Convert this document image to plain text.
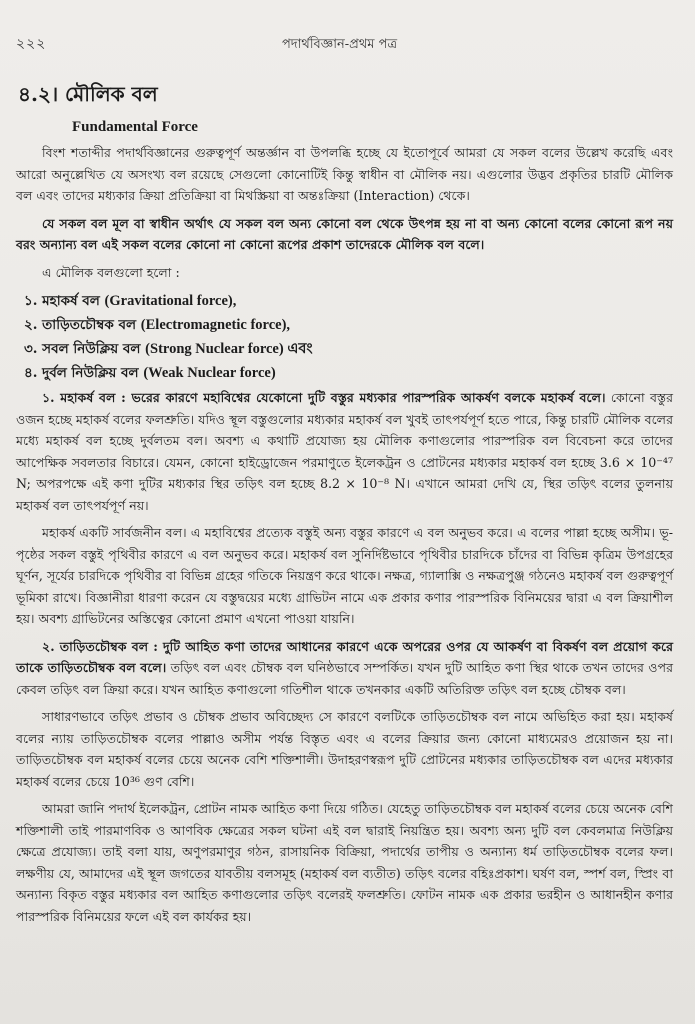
২২২	পদার্থবিজ্ঞান-প্রথম পত্র
৪.২। মৌলিক বল
Fundamental Force

বিংশ শতাব্দীর পদার্থবিজ্ঞানের গুরুত্বপূর্ণ অন্তর্জ্ঞান বা উপলব্ধি হচ্ছে যে ইতোপূর্বে আমরা যে সকল বলের উল্লেখ করেছি এবং আরো অনুল্লেখিত যে অসংখ্য বল রয়েছে সেগুলো কোনোটিই কিন্তু স্বাধীন বা মৌলিক নয়। এগুলোর উদ্ভব প্রকৃতির চারটি মৌলিক বল এবং তাদের মধ্যকার ক্রিয়া প্রতিক্রিয়া বা মিথস্ক্রিয়া বা অন্তঃক্রিয়া (Interaction) থেকে।

যে সকল বল মূল বা স্বাধীন অর্থাৎ যে সকল বল অন্য কোনো বল থেকে উৎপন্ন হয় না বা অন্য কোনো বলের কোনো রূপ নয় বরং অন্যান্য বল এই সকল বলের কোনো না কোনো রূপের প্রকাশ তাদেরকে মৌলিক বল বলে।

এ মৌলিক বলগুলো হলো :

১. মহাকর্ষ বল (Gravitational force),
২. তাড়িতচৌম্বক বল (Electromagnetic force),
৩. সবল নিউক্লিয় বল (Strong Nuclear force) এবং
৪. দুর্বল নিউক্লিয় বল (Weak Nuclear force)

১. মহাকর্ষ বল : ভরের কারণে মহাবিশ্বের যেকোনো দুটি বস্তুর মধ্যকার পারস্পরিক আকর্ষণ বলকে মহাকর্ষ বলে। কোনো বস্তুর ওজন হচ্ছে মহাকর্ষ বলের ফলশ্রুতি। যদিও স্থূল বস্তুগুলোর মধ্যকার মহাকর্ষ বল খুবই তাৎপর্যপূর্ণ হতে পারে, কিন্তু চারটি মৌলিক বলের মধ্যে মহাকর্ষ বল হচ্ছে দুর্বলতম বল। অবশ্য এ কথাটি প্রযোজ্য হয় মৌলিক কণাগুলোর পারস্পরিক বল বিবেচনা করে তাদের আপেক্ষিক সবলতার বিচারে। যেমন, কোনো হাইড্রোজেন পরমাণুতে ইলেকট্রন ও প্রোটনের মধ্যকার মহাকর্ষ বল হচ্ছে 3.6 × 10⁻⁴⁷ N; অপরপক্ষে এই কণা দুটির মধ্যকার স্থির তড়িৎ বল হচ্ছে 8.2 × 10⁻⁸ N। এখানে আমরা দেখি যে, স্থির তড়িৎ বলের তুলনায় মহাকর্ষ বল তাৎপর্যপূর্ণ নয়।

মহাকর্ষ একটি সার্বজনীন বল। এ মহাবিশ্বের প্রত্যেক বস্তুই অন্য বস্তুর কারণে এ বল অনুভব করে। এ বলের পাল্লা হচ্ছে অসীম। ভূ-পৃষ্ঠের সকল বস্তুই পৃথিবীর কারণে এ বল অনুভব করে। মহাকর্ষ বল সুনির্দিষ্টভাবে পৃথিবীর চারদিকে চাঁদের বা বিভিন্ন কৃত্রিম উপগ্রহের ঘূর্ণন, সূর্যের চারদিকে পৃথিবীর বা বিভিন্ন গ্রহের গতিকে নিয়ন্ত্রণ করে থাকে। নক্ষত্র, গ্যালাক্সি ও নক্ষত্রপুঞ্জ গঠনেও মহাকর্ষ বল গুরুত্বপূর্ণ ভূমিকা রাখে। বিজ্ঞানীরা ধারণা করেন যে বস্তুদ্বয়ের মধ্যে গ্রাভিটন নামে এক প্রকার কণার পারস্পরিক বিনিময়ের দ্বারা এ বল ক্রিয়াশীল হয়। অবশ্য গ্রাভিটনের অস্তিত্বের কোনো প্রমাণ এখনো পাওয়া যায়নি।

২. তাড়িতচৌম্বক বল : দুটি আহিত কণা তাদের আধানের কারণে একে অপরের ওপর যে আকর্ষণ বা বিকর্ষণ বল প্রয়োগ করে তাকে তাড়িতচৌম্বক বল বলে। তড়িৎ বল এবং চৌম্বক বল ঘনিষ্ঠভাবে সম্পর্কিত। যখন দুটি আহিত কণা স্থির থাকে তখন তাদের ওপর কেবল তড়িৎ বল ক্রিয়া করে। যখন আহিত কণাগুলো গতিশীল থাকে তখনকার একটি অতিরিক্ত তড়িৎ বল হচ্ছে চৌম্বক বল।

সাধারণভাবে তড়িৎ প্রভাব ও চৌম্বক প্রভাব অবিচ্ছেদ্য সে কারণে বলটিকে তাড়িতচৌম্বক বল নামে অভিহিত করা হয়। মহাকর্ষ বলের ন্যায় তাড়িতচৌম্বক বলের পাল্লাও অসীম পর্যন্ত বিস্তৃত এবং এ বলের ক্রিয়ার জন্য কোনো মাধ্যমেরও প্রয়োজন হয় না। তাড়িতচৌম্বক বল মহাকর্ষ বলের চেয়ে অনেক বেশি শক্তিশালী। উদাহরণস্বরূপ দুটি প্রোটনের মধ্যকার তাড়িতচৌম্বক বল এদের মধ্যকার মহাকর্ষ বলের চেয়ে 10³⁶ গুণ বেশি।

আমরা জানি পদার্থ ইলেকট্রন, প্রোটন নামক আহিত কণা দিয়ে গঠিত। যেহেতু তাড়িতচৌম্বক বল মহাকর্ষ বলের চেয়ে অনেক বেশি শক্তিশালী তাই পারমাণবিক ও আণবিক ক্ষেত্রের সকল ঘটনা এই বল দ্বারাই নিয়ন্ত্রিত হয়। অবশ্য অন্য দুটি বল কেবলমাত্র নিউক্লিয় ক্ষেত্রে প্রযোজ্য। তাই বলা যায়, অণুপরমাণুর গঠন, রাসায়নিক বিক্রিয়া, পদার্থের তাপীয় ও অন্যান্য ধর্ম তাড়িতচৌম্বক বলের ফল। লক্ষণীয় যে, আমাদের এই স্থূল জগতের যাবতীয় বলসমূহ (মহাকর্ষ বল ব্যতীত) তড়িৎ বলের বহিঃপ্রকাশ। ঘর্ষণ বল, স্পর্শ বল, স্প্রিং বা অন্যান্য বিকৃত বস্তুর মধ্যকার বল আহিত কণাগুলোর তড়িৎ বলেরই ফলশ্রুতি। ফোটন নামক এক প্রকার ভরহীন ও আধানহীন কণার পারস্পরিক বিনিময়ের ফলে এই বল কার্যকর হয়।
